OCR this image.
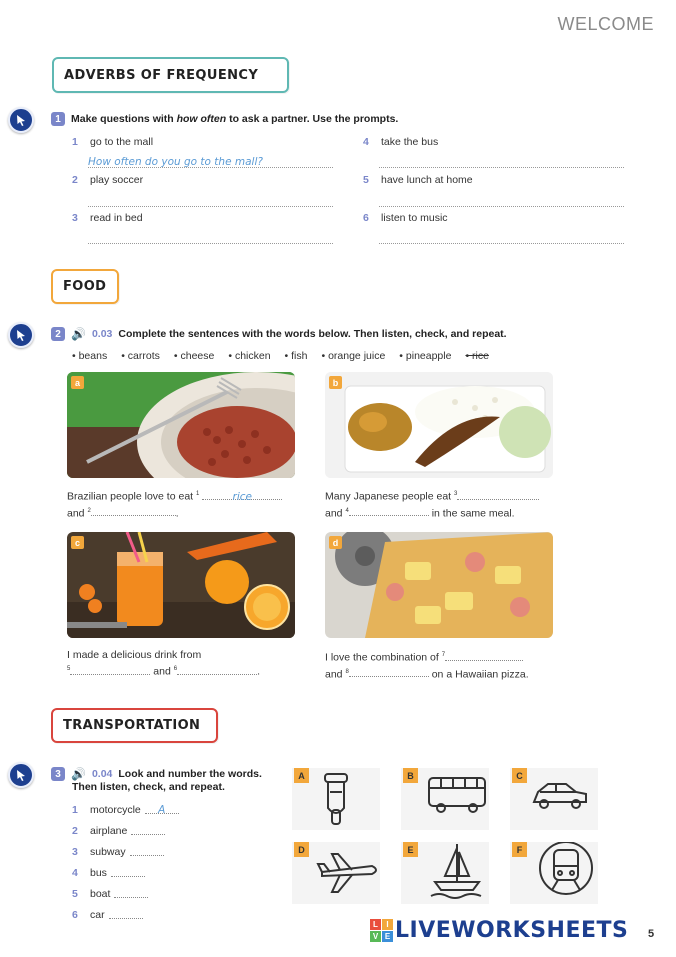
WELCOME
ADVERBS OF FREQUENCY
1 Make questions with how often to ask a partner. Use the prompts.
1 go to the mall
How often do you go to the mall?
2 play soccer
3 read in bed
4 take the bus
5 have lunch at home
6 listen to music
FOOD
2 🔊 0.03 Complete the sentences with the words below. Then listen, check, and repeat.
• beans	• carrots	• cheese	• chicken	• fish	• orange juice	• pineapple	• rice
a	b
Brazilian people love to eat $^1$	rice
and $^2$	.
Many Japanese people eat $^3$
and $^4$	in the same meal.
c	d
I made a delicious drink from
$^5$	and $^6$	.
I love the combination of $^7$
and $^8$	on a Hawaiian pizza.
TRANSPORTATION
3 🔊 0.04 Look and number the words.
Then listen, check, and repeat.
1 motorcycle	A
2 airplane
3 subway
4 bus
5 boat
6 car
A	B	C
D	E	F
L	I
V E LIVEWORKSHEETS 5
